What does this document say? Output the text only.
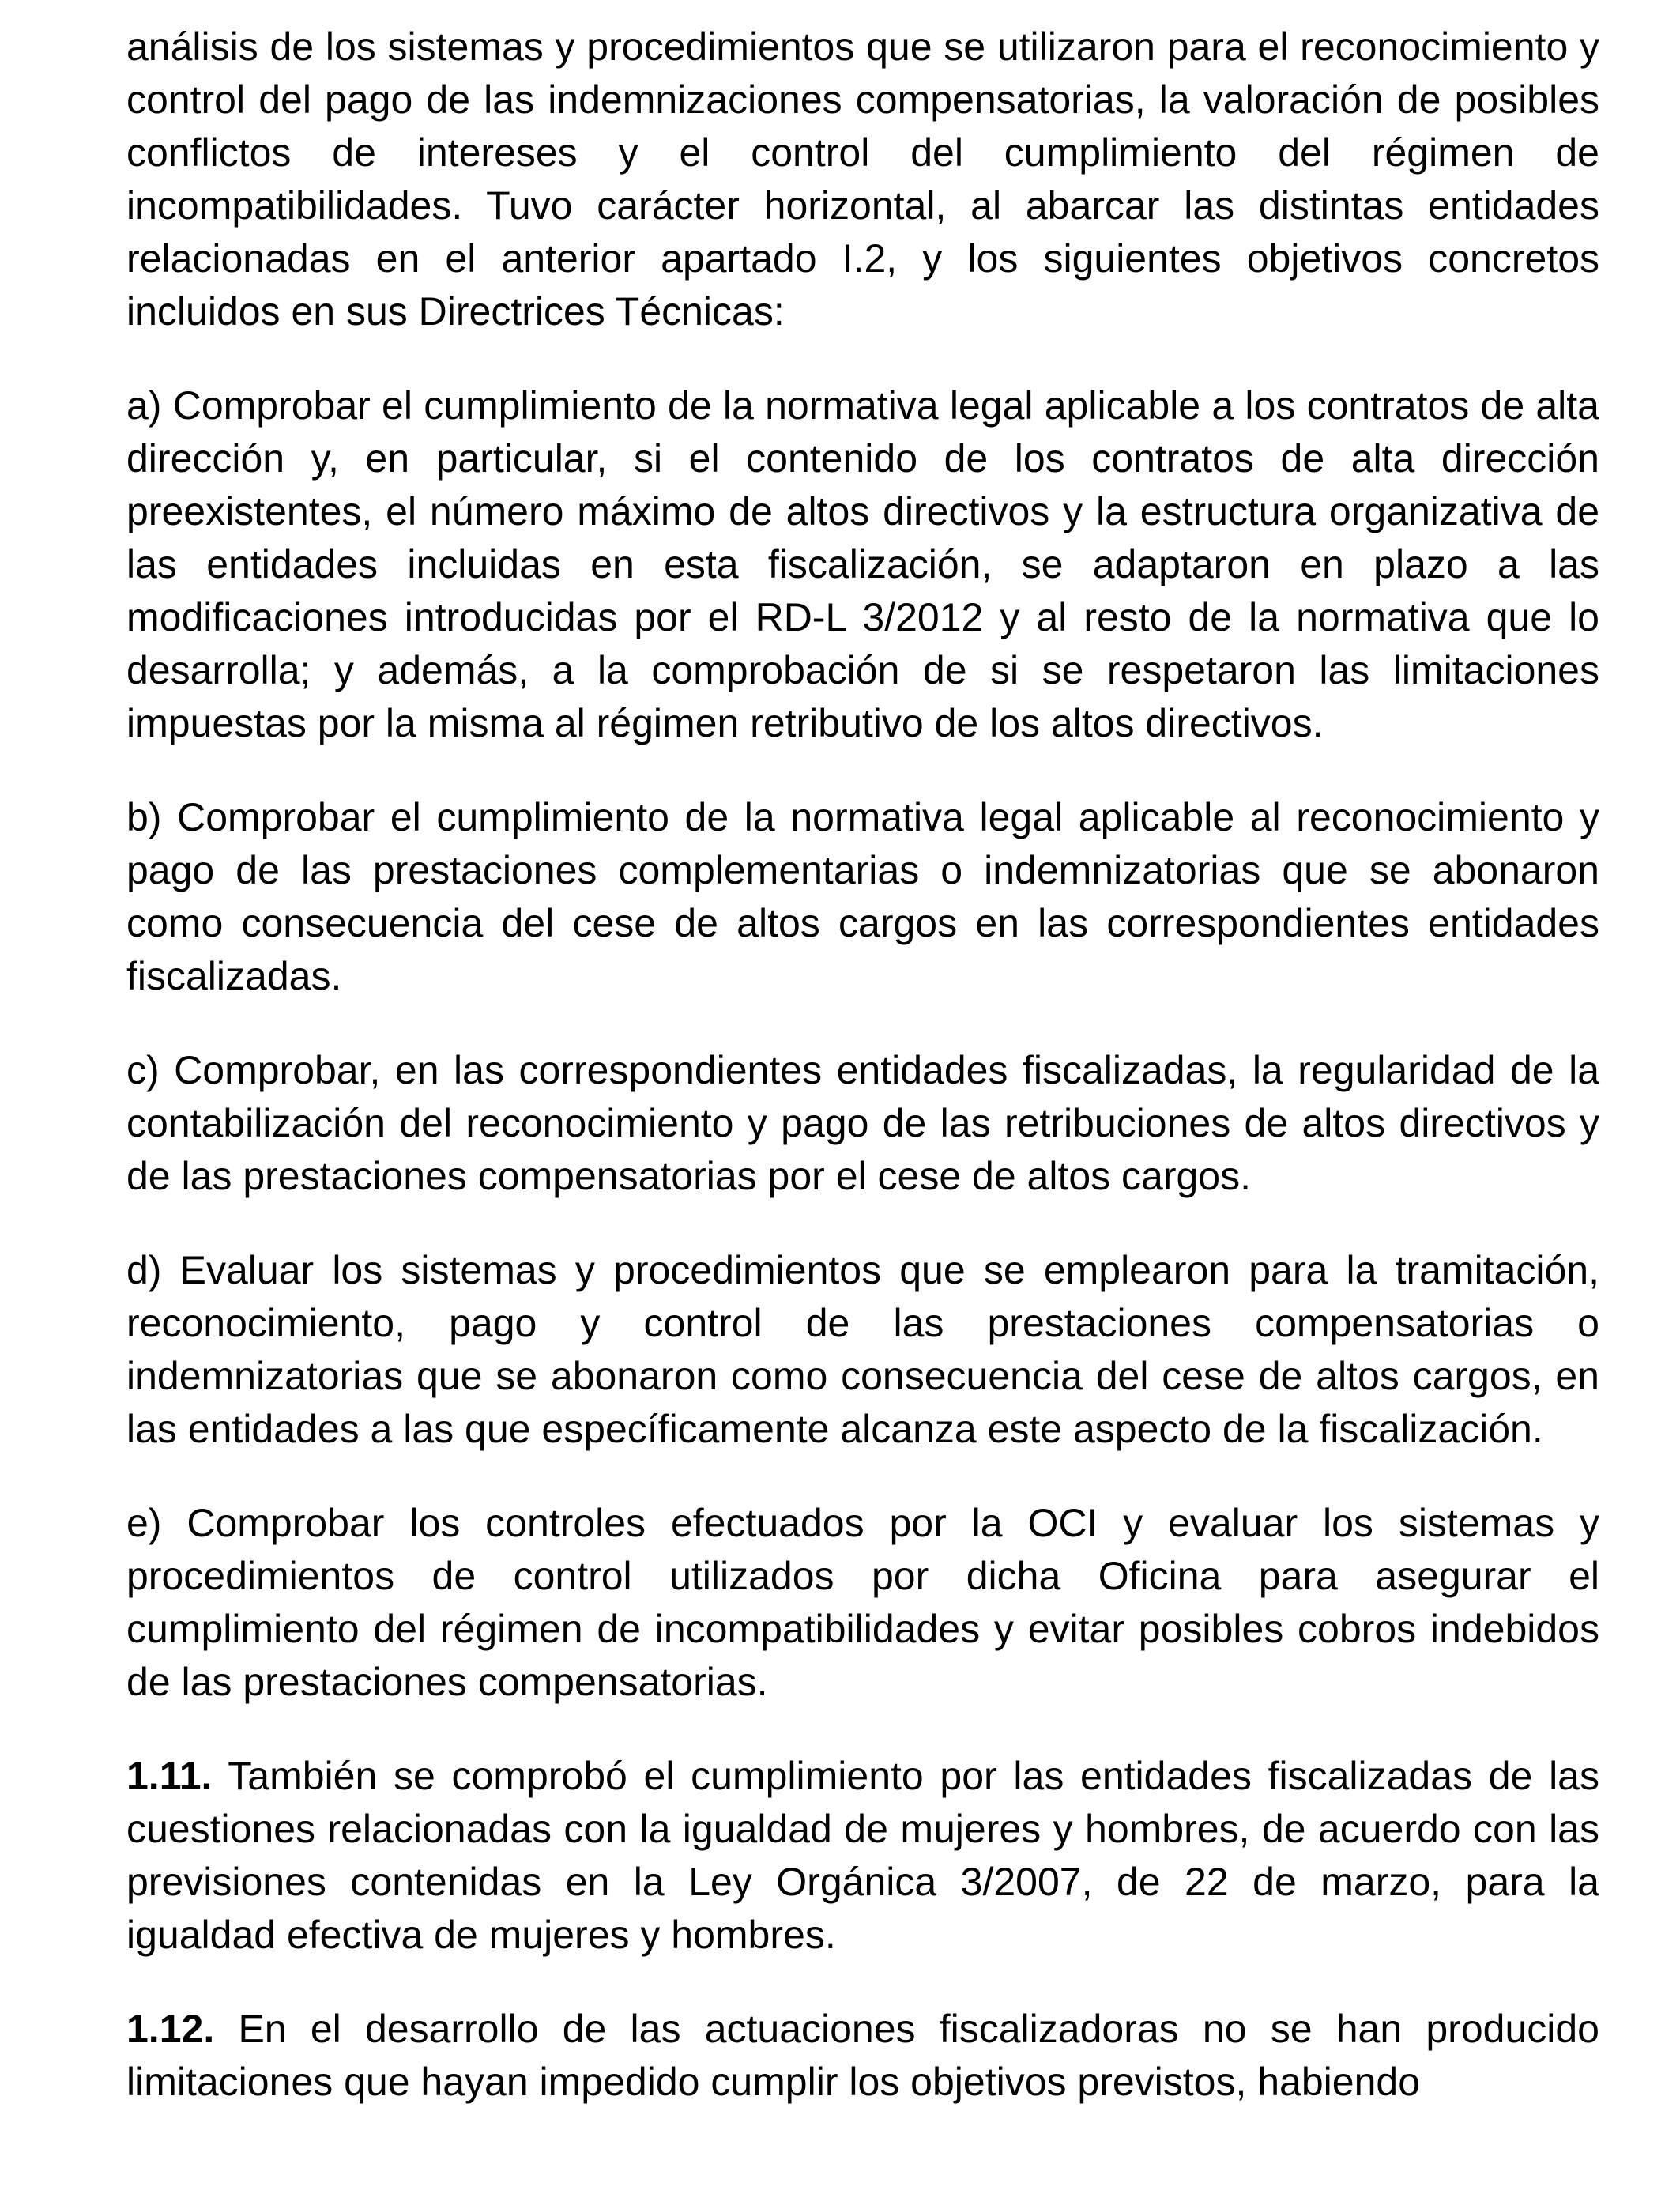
análisis de los sistemas y procedimientos que se utilizaron para el reconocimiento y control del pago de las indemnizaciones compensatorias, la valoración de posibles conflictos de intereses y el control del cumplimiento del régimen de incompatibilidades. Tuvo carácter horizontal, al abarcar las distintas entidades relacionadas en el anterior apartado I.2, y los siguientes objetivos concretos incluidos en sus Directrices Técnicas:

a) Comprobar el cumplimiento de la normativa legal aplicable a los contratos de alta dirección y, en particular, si el contenido de los contratos de alta dirección preexistentes, el número máximo de altos directivos y la estructura organizativa de las entidades incluidas en esta fiscalización, se adaptaron en plazo a las modificaciones introducidas por el RD-L 3/2012 y al resto de la normativa que lo desarrolla; y además, a la comprobación de si se respetaron las limitaciones impuestas por la misma al régimen retributivo de los altos directivos.

b) Comprobar el cumplimiento de la normativa legal aplicable al reconocimiento y pago de las prestaciones complementarias o indemnizatorias que se abonaron como consecuencia del cese de altos cargos en las correspondientes entidades fiscalizadas.

c) Comprobar, en las correspondientes entidades fiscalizadas, la regularidad de la contabilización del reconocimiento y pago de las retribuciones de altos directivos y de las prestaciones compensatorias por el cese de altos cargos.

d) Evaluar los sistemas y procedimientos que se emplearon para la tramitación, reconocimiento, pago y control de las prestaciones compensatorias o indemnizatorias que se abonaron como consecuencia del cese de altos cargos, en las entidades a las que específicamente alcanza este aspecto de la fiscalización.

e) Comprobar los controles efectuados por la OCI y evaluar los sistemas y procedimientos de control utilizados por dicha Oficina para asegurar el cumplimiento del régimen de incompatibilidades y evitar posibles cobros indebidos de las prestaciones compensatorias.

1.11. También se comprobó el cumplimiento por las entidades fiscalizadas de las cuestiones relacionadas con la igualdad de mujeres y hombres, de acuerdo con las previsiones contenidas en la Ley Orgánica 3/2007, de 22 de marzo, para la igualdad efectiva de mujeres y hombres.

1.12. En el desarrollo de las actuaciones fiscalizadoras no se han producido limitaciones que hayan impedido cumplir los objetivos previstos, habiendo
